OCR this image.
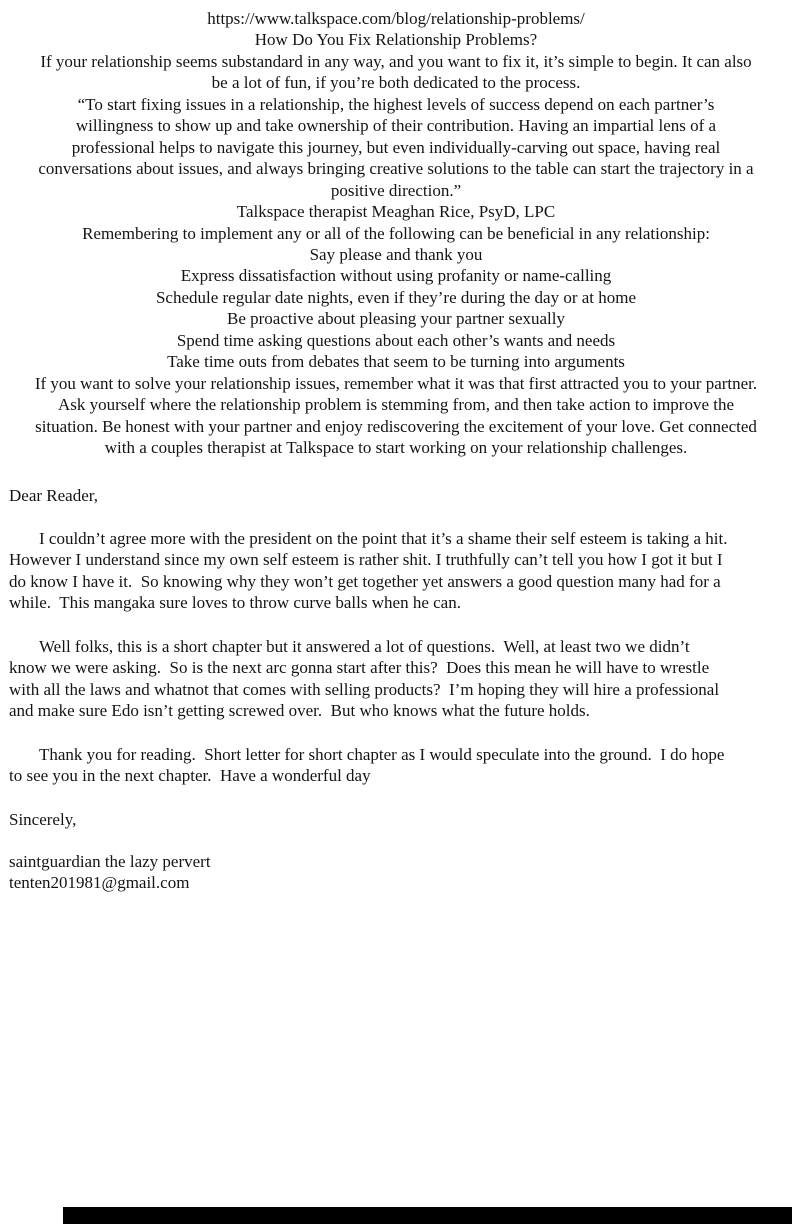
https://www.talkspace.com/blog/relationship-problems/
How Do You Fix Relationship Problems?
If your relationship seems substandard in any way, and you want to fix it, it’s simple to begin. It can also
be a lot of fun, if you’re both dedicated to the process.
“To start fixing issues in a relationship, the highest levels of success depend on each partner’s
willingness to show up and take ownership of their contribution. Having an impartial lens of a
professional helps to navigate this journey, but even individually-carving out space, having real
conversations about issues, and always bringing creative solutions to the table can start the trajectory in a
positive direction.”
Talkspace therapist Meaghan Rice, PsyD, LPC
Remembering to implement any or all of the following can be beneficial in any relationship:
Say please and thank you
Express dissatisfaction without using profanity or name-calling
Schedule regular date nights, even if they’re during the day or at home
Be proactive about pleasing your partner sexually
Spend time asking questions about each other’s wants and needs
Take time outs from debates that seem to be turning into arguments
If you want to solve your relationship issues, remember what it was that first attracted you to your partner.
Ask yourself where the relationship problem is stemming from, and then take action to improve the
situation. Be honest with your partner and enjoy rediscovering the excitement of your love. Get connected
with a couples therapist at Talkspace to start working on your relationship challenges.
Dear Reader,
I couldn’t agree more with the president on the point that it’s a shame their self esteem is taking a hit.
However I understand since my own self esteem is rather shit. I truthfully can’t tell you how I got it but I
do know I have it.  So knowing why they won’t get together yet answers a good question many had for a
while.  This mangaka sure loves to throw curve balls when he can.
Well folks, this is a short chapter but it answered a lot of questions.  Well, at least two we didn’t
know we were asking.  So is the next arc gonna start after this?  Does this mean he will have to wrestle
with all the laws and whatnot that comes with selling products?  I’m hoping they will hire a professional
and make sure Edo isn’t getting screwed over.  But who knows what the future holds.
Thank you for reading.  Short letter for short chapter as I would speculate into the ground.  I do hope
to see you in the next chapter.  Have a wonderful day
Sincerely,
saintguardian the lazy pervert
tenten201981@gmail.com
